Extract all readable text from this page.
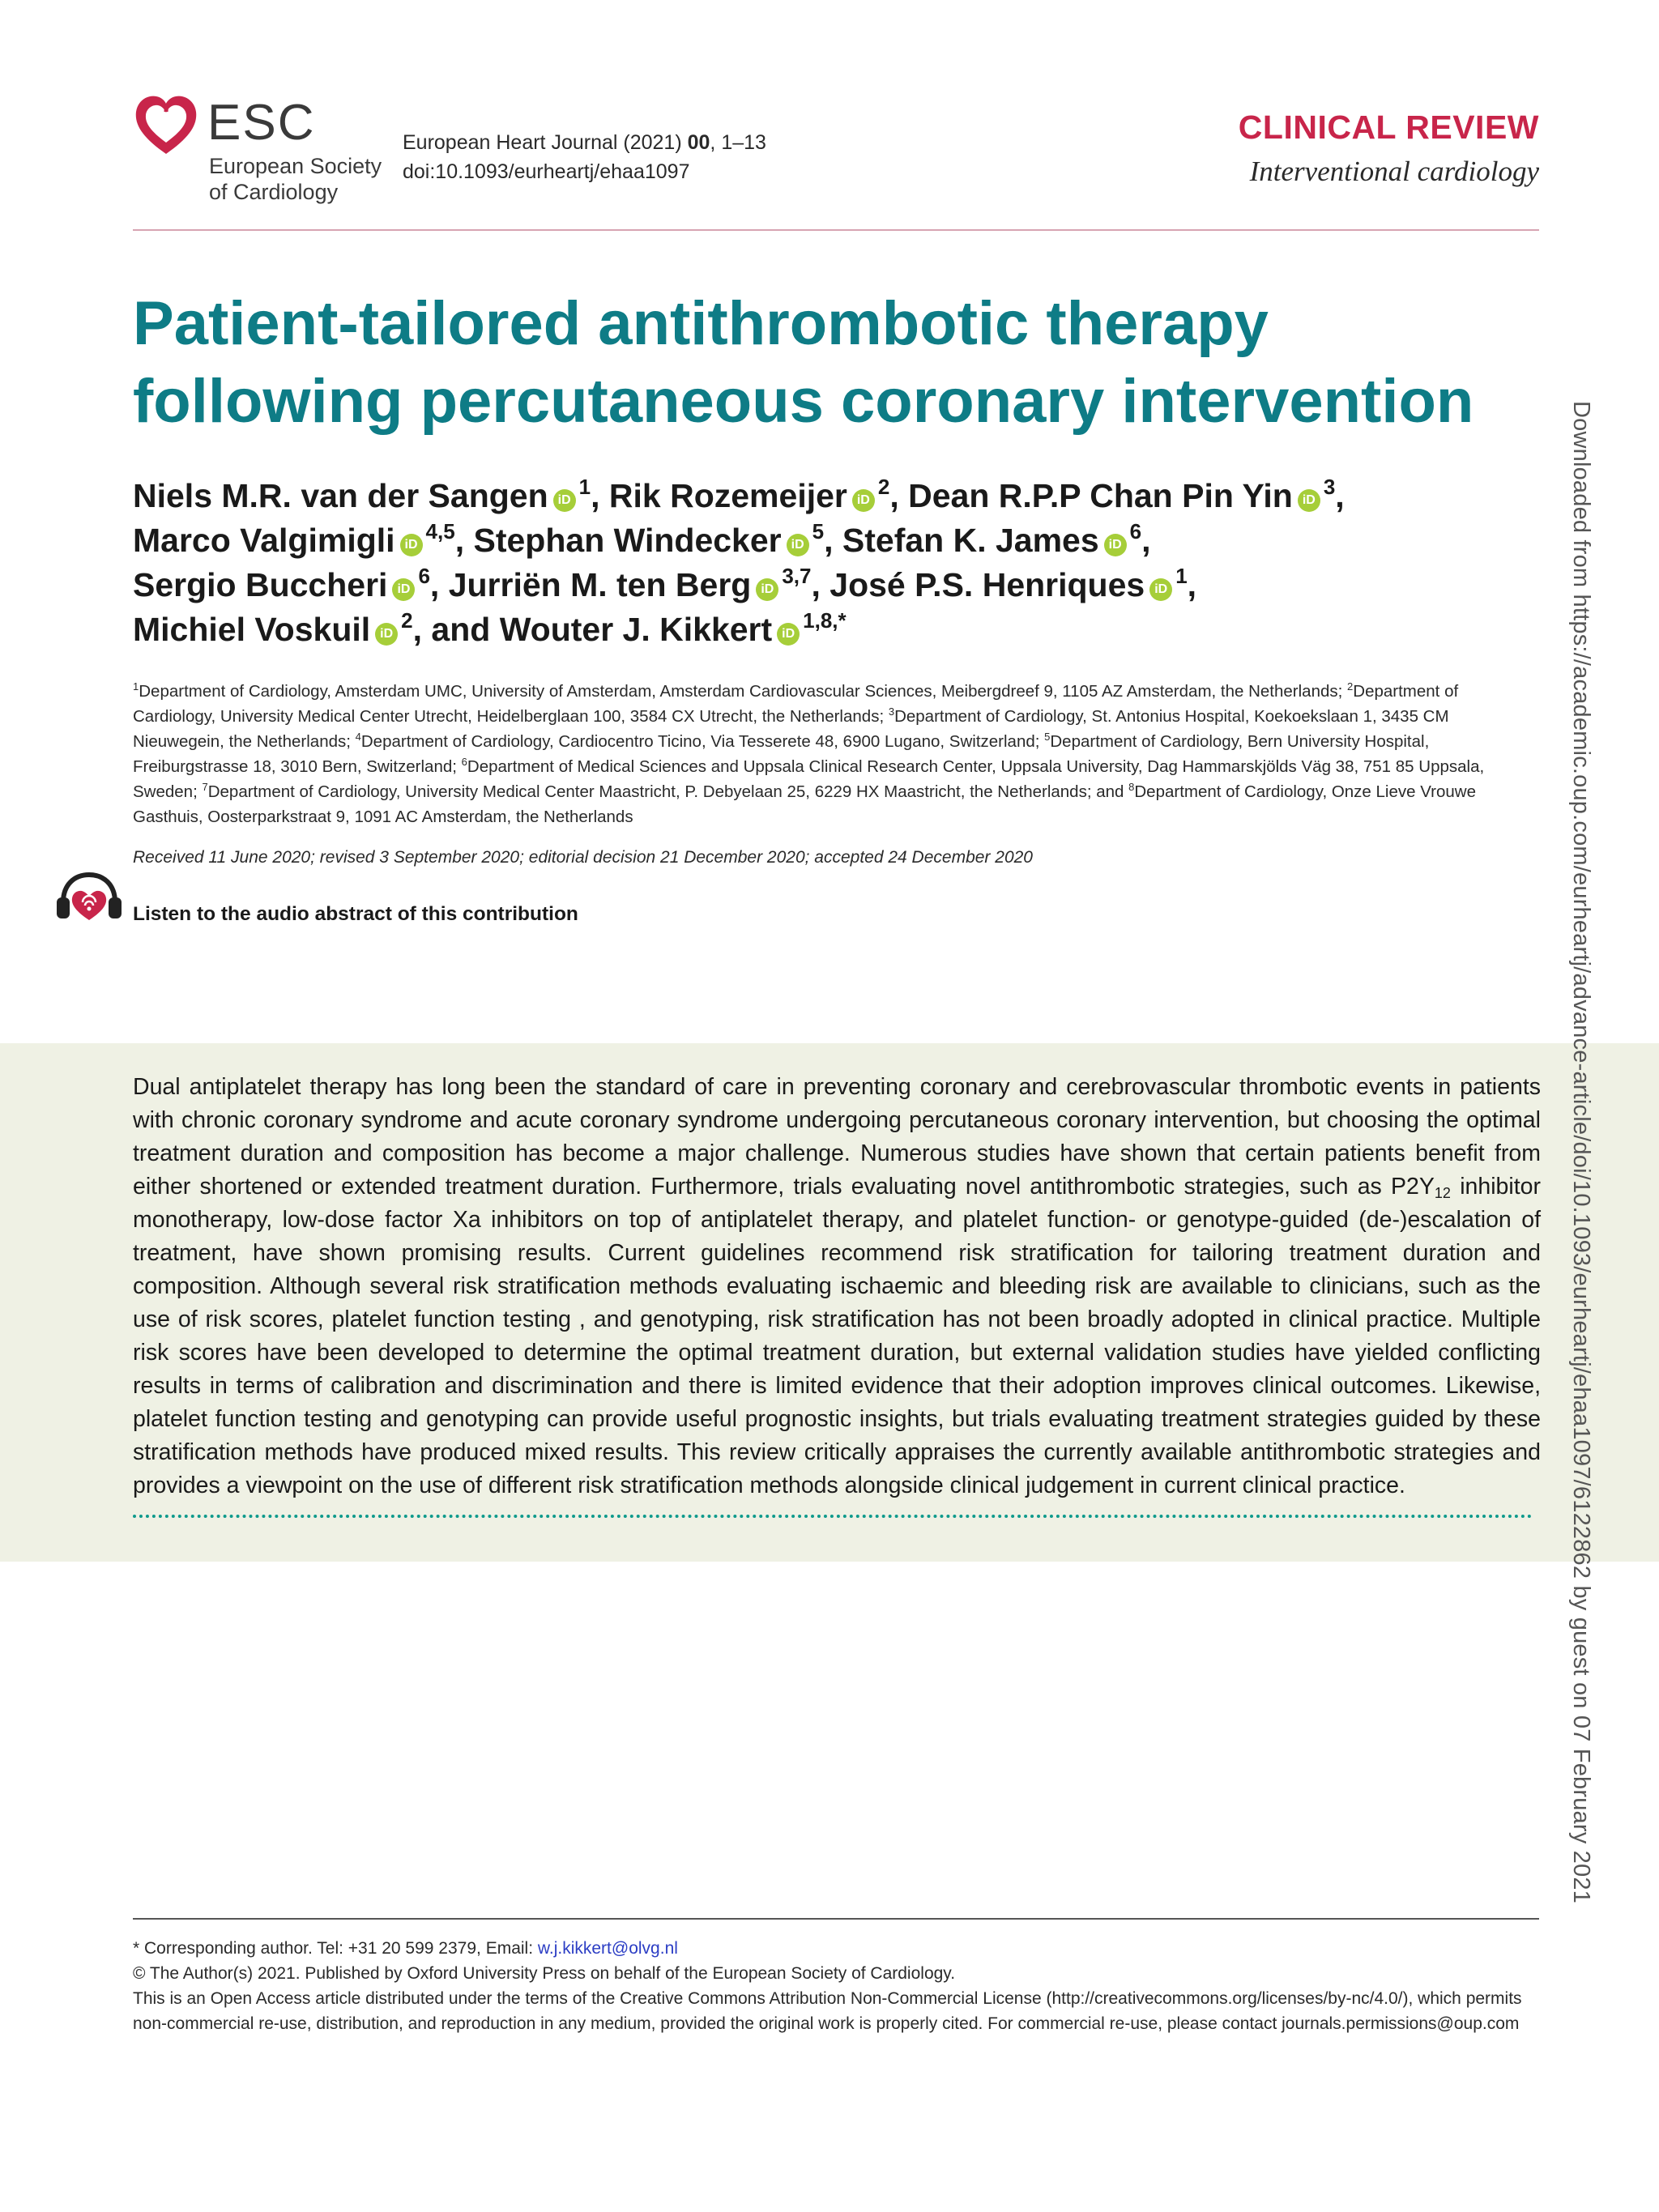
ESC
European Society
of Cardiology
European Heart Journal (2021) 00, 1–13
doi:10.1093/eurheartj/ehaa1097
CLINICAL REVIEW
Interventional cardiology
Patient-tailored antithrombotic therapy following percutaneous coronary intervention
Niels M.R. van der Sangen $iD^1$, Rik Rozemeijer $iD^2$, Dean R.P.P Chan Pin Yin $iD^3$,
Marco Valgimigli iD$^{4,5}$, Stephan Windecker $iD^5$, Stefan K. James $iD^6$,
Sergio Buccheri $iD^6$, Jurriën M. ten Berg iD$^{3,7}$, José P.S. Henriques $iD^1$,
Michiel Voskuil $iD^2$, and Wouter J. Kikkert $iD^{1,8,*}$
$^1$Department of Cardiology, Amsterdam UMC, University of Amsterdam, Amsterdam Cardiovascular Sciences, Meibergdreef 9, 1105 AZ Amsterdam, the Netherlands; $^2$Department of Cardiology, University Medical Center Utrecht, Heidelberglaan 100, 3584 CX Utrecht, the Netherlands; $^3$Department of Cardiology, St. Antonius Hospital, Koekoekslaan 1, 3435 CM Nieuwegein, the Netherlands; $^4$Department of Cardiology, Cardiocentro Ticino, Via Tesserete 48, 6900 Lugano, Switzerland; $^5$Department of Cardiology, Bern University Hospital, Freiburgstrasse 18, 3010 Bern, Switzerland; $^6$Department of Medical Sciences and Uppsala Clinical Research Center, Uppsala University, Dag Hammarskjölds Väg 38, 751 85 Uppsala, Sweden; $^7$Department of Cardiology, University Medical Center Maastricht, P. Debyelaan 25, 6229 HX Maastricht, the Netherlands; and $^8$Department of Cardiology, Onze Lieve Vrouwe Gasthuis, Oosterparkstraat 9, 1091 AC Amsterdam, the Netherlands
Received 11 June 2020; revised 3 September 2020; editorial decision 21 December 2020; accepted 24 December 2020
Listen to the audio abstract of this contribution

Dual antiplatelet therapy has long been the standard of care in preventing coronary and cerebrovascular thrombotic events in patients with chronic coronary syndrome and acute coronary syndrome undergoing percutaneous coronary intervention, but choosing the optimal treatment duration and composition has become a major challenge. Numerous studies have shown that certain patients benefit from either shortened or extended treatment duration. Furthermore, trials evaluating novel antithrombotic strategies, such as $P2Y_{12}$ inhibitor monotherapy, low-dose factor Xa inhibitors on top of antiplatelet therapy, and platelet function- or genotype-guided (de-)escalation of treatment, have shown promising results. Current guidelines recommend risk stratification for tailoring treatment duration and composition. Although several risk stratification methods evaluating ischaemic and bleeding risk are available to clinicians, such as the use of risk scores, platelet function testing , and genotyping, risk stratification has not been broadly adopted in clinical practice. Multiple risk scores have been developed to determine the optimal treatment duration, but external validation studies have yielded conflicting results in terms of calibration and discrimination and there is limited evidence that their adoption improves clinical outcomes. Likewise, platelet function testing and genotyping can provide useful prognostic insights, but trials evaluating treatment strategies guided by these stratification methods have produced mixed results. This review critically appraises the currently available antithrombotic strategies and provides a viewpoint on the use of different risk stratification methods alongside clinical judgement in current clinical practice.

* Corresponding author. Tel: +31 20 599 2379, Email: w.j.kikkert@olvg.nl
© The Author(s) 2021. Published by Oxford University Press on behalf of the European Society of Cardiology.
This is an Open Access article distributed under the terms of the Creative Commons Attribution Non-Commercial License (http://creativecommons.org/licenses/by-nc/4.0/), which permits non-commercial re-use, distribution, and reproduction in any medium, provided the original work is properly cited. For commercial re-use, please contact journals.permissions@oup.com
Downloaded from https://academic.oup.com/eurheartj/advance-article/doi/10.1093/eurheartj/ehaa1097/6122862 by guest on 07 February 2021
